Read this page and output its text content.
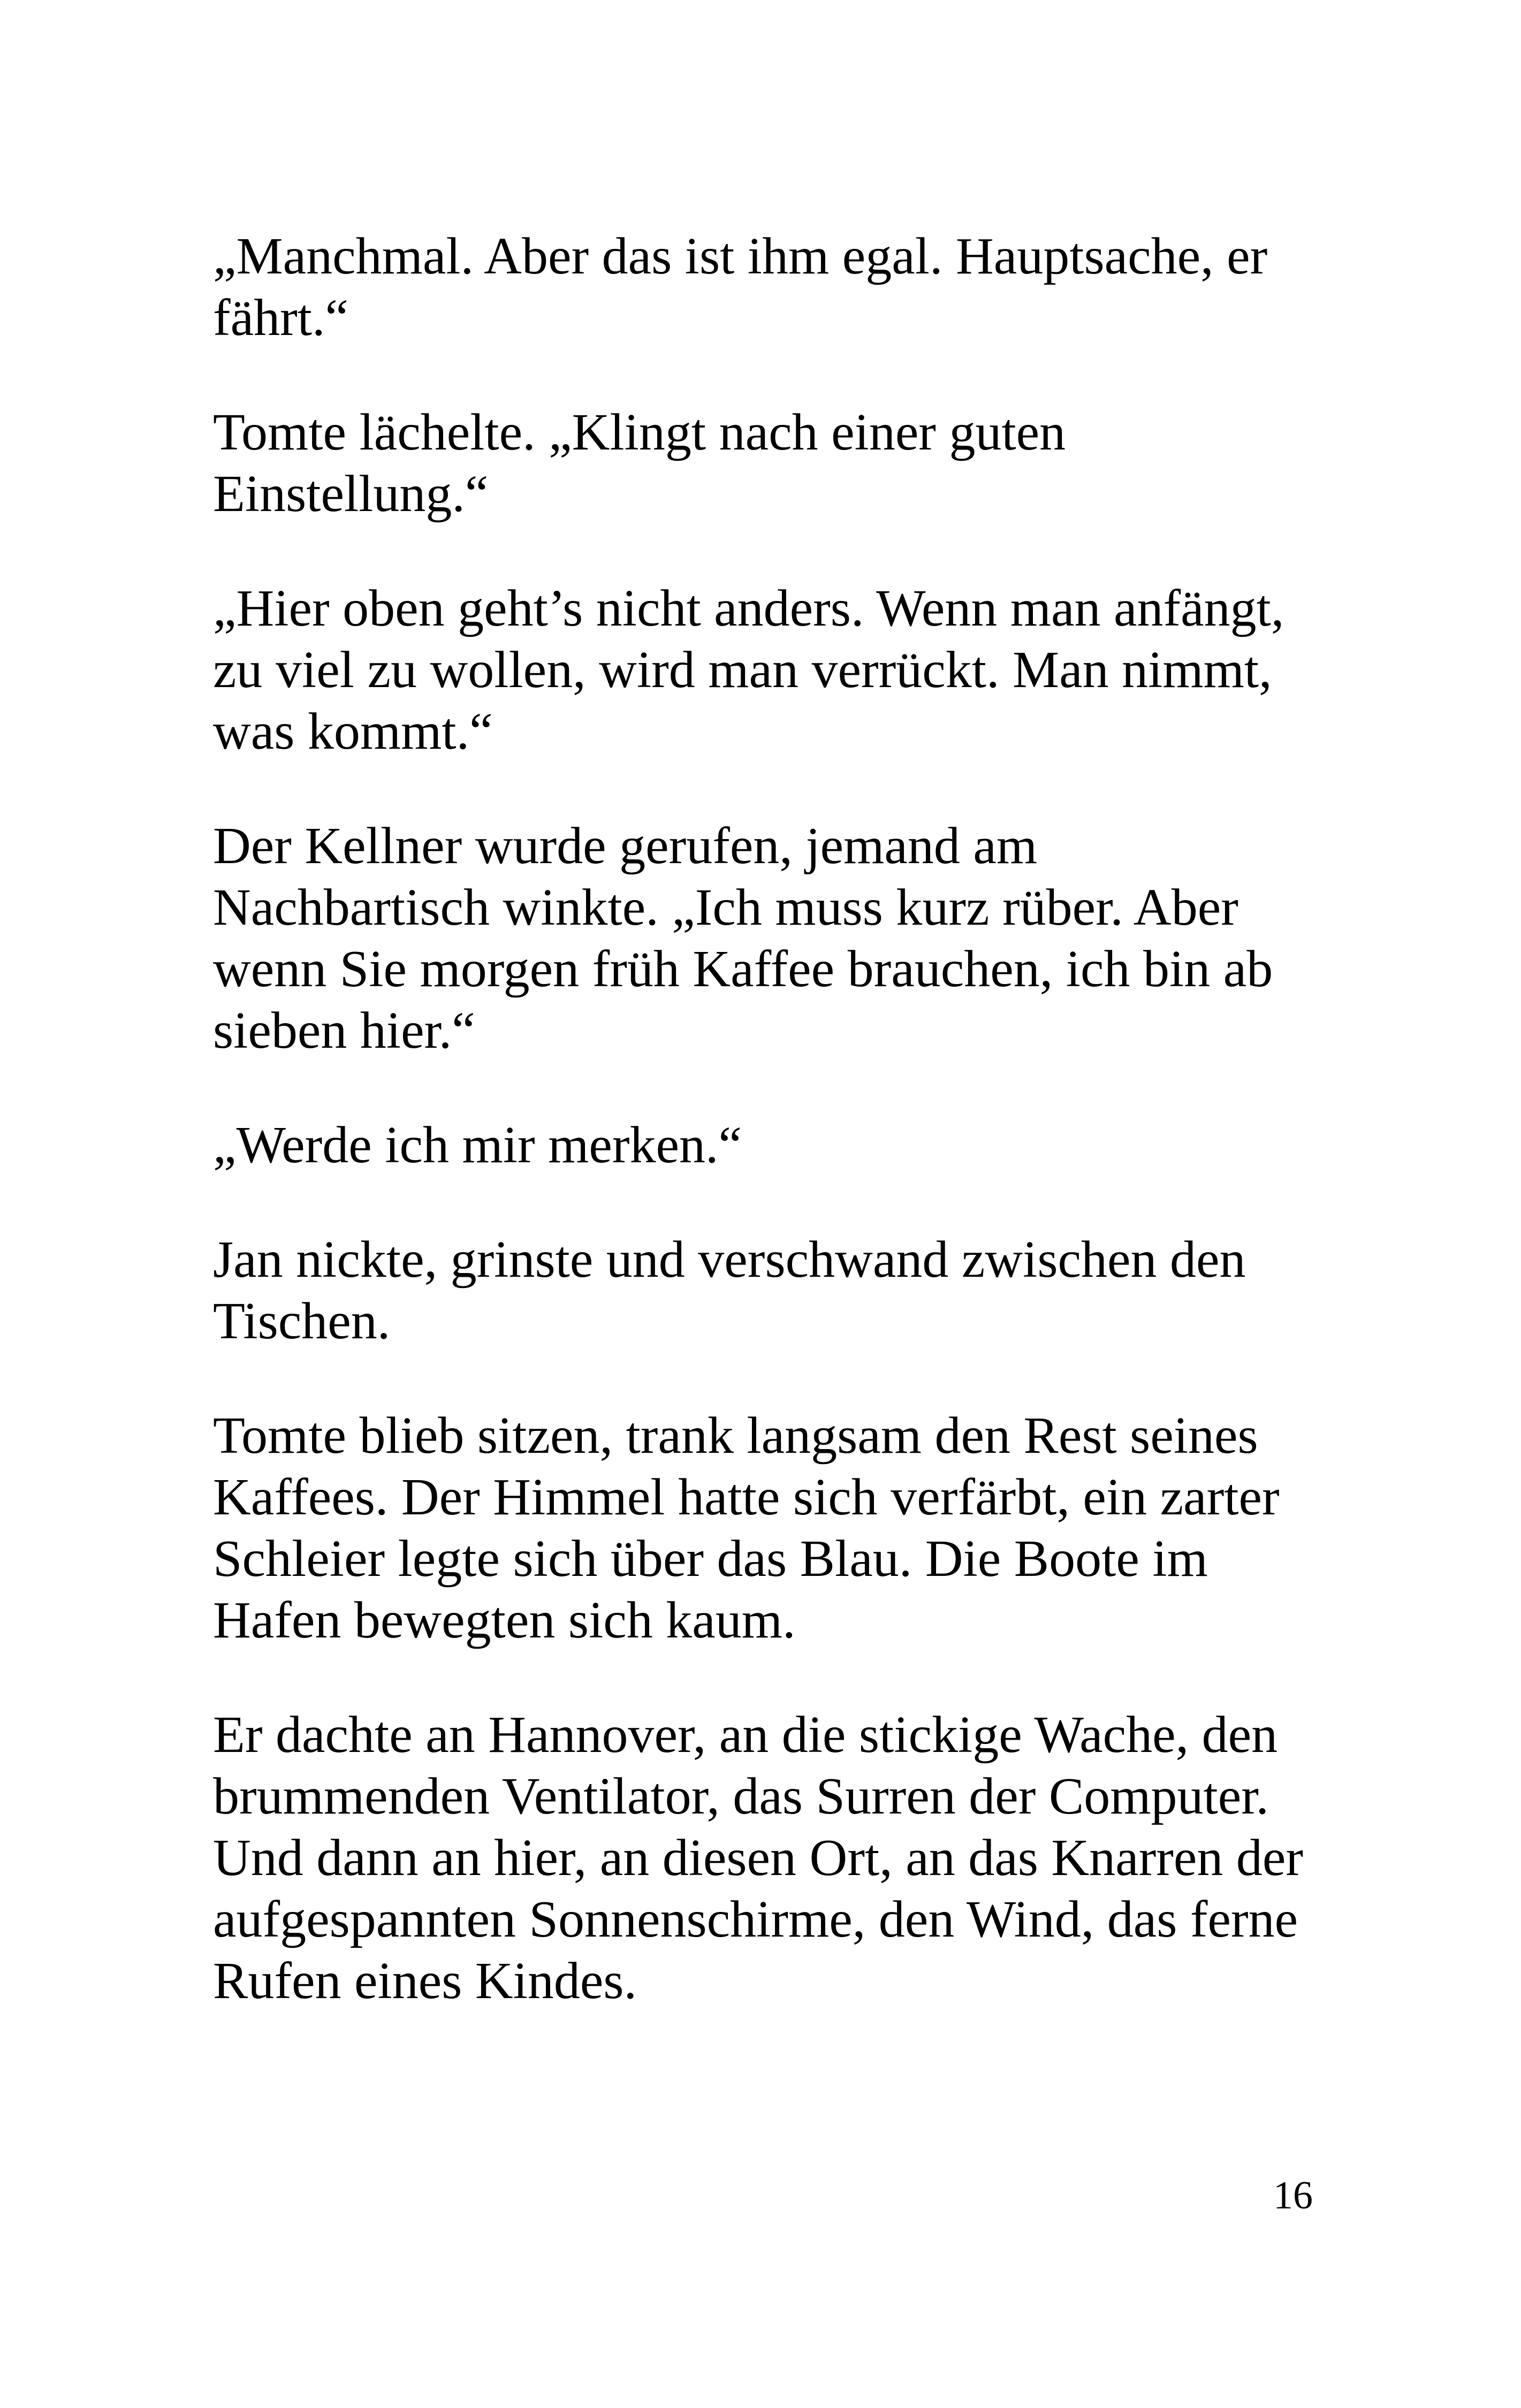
„Manchmal. Aber das ist ihm egal. Hauptsache, er fährt.“

Tomte lächelte. „Klingt nach einer guten Einstellung.“

„Hier oben geht’s nicht anders. Wenn man anfängt, zu viel zu wollen, wird man verrückt. Man nimmt, was kommt.“

Der Kellner wurde gerufen, jemand am Nachbartisch winkte. „Ich muss kurz rüber. Aber wenn Sie morgen früh Kaffee brauchen, ich bin ab sieben hier.“

„Werde ich mir merken.“

Jan nickte, grinste und verschwand zwischen den Tischen.

Tomte blieb sitzen, trank langsam den Rest seines Kaffees. Der Himmel hatte sich verfärbt, ein zarter Schleier legte sich über das Blau. Die Boote im Hafen bewegten sich kaum.

Er dachte an Hannover, an die stickige Wache, den brummenden Ventilator, das Surren der Computer. Und dann an hier, an diesen Ort, an das Knarren der aufgespannten Sonnenschirme, den Wind, das ferne Rufen eines Kindes.

16
